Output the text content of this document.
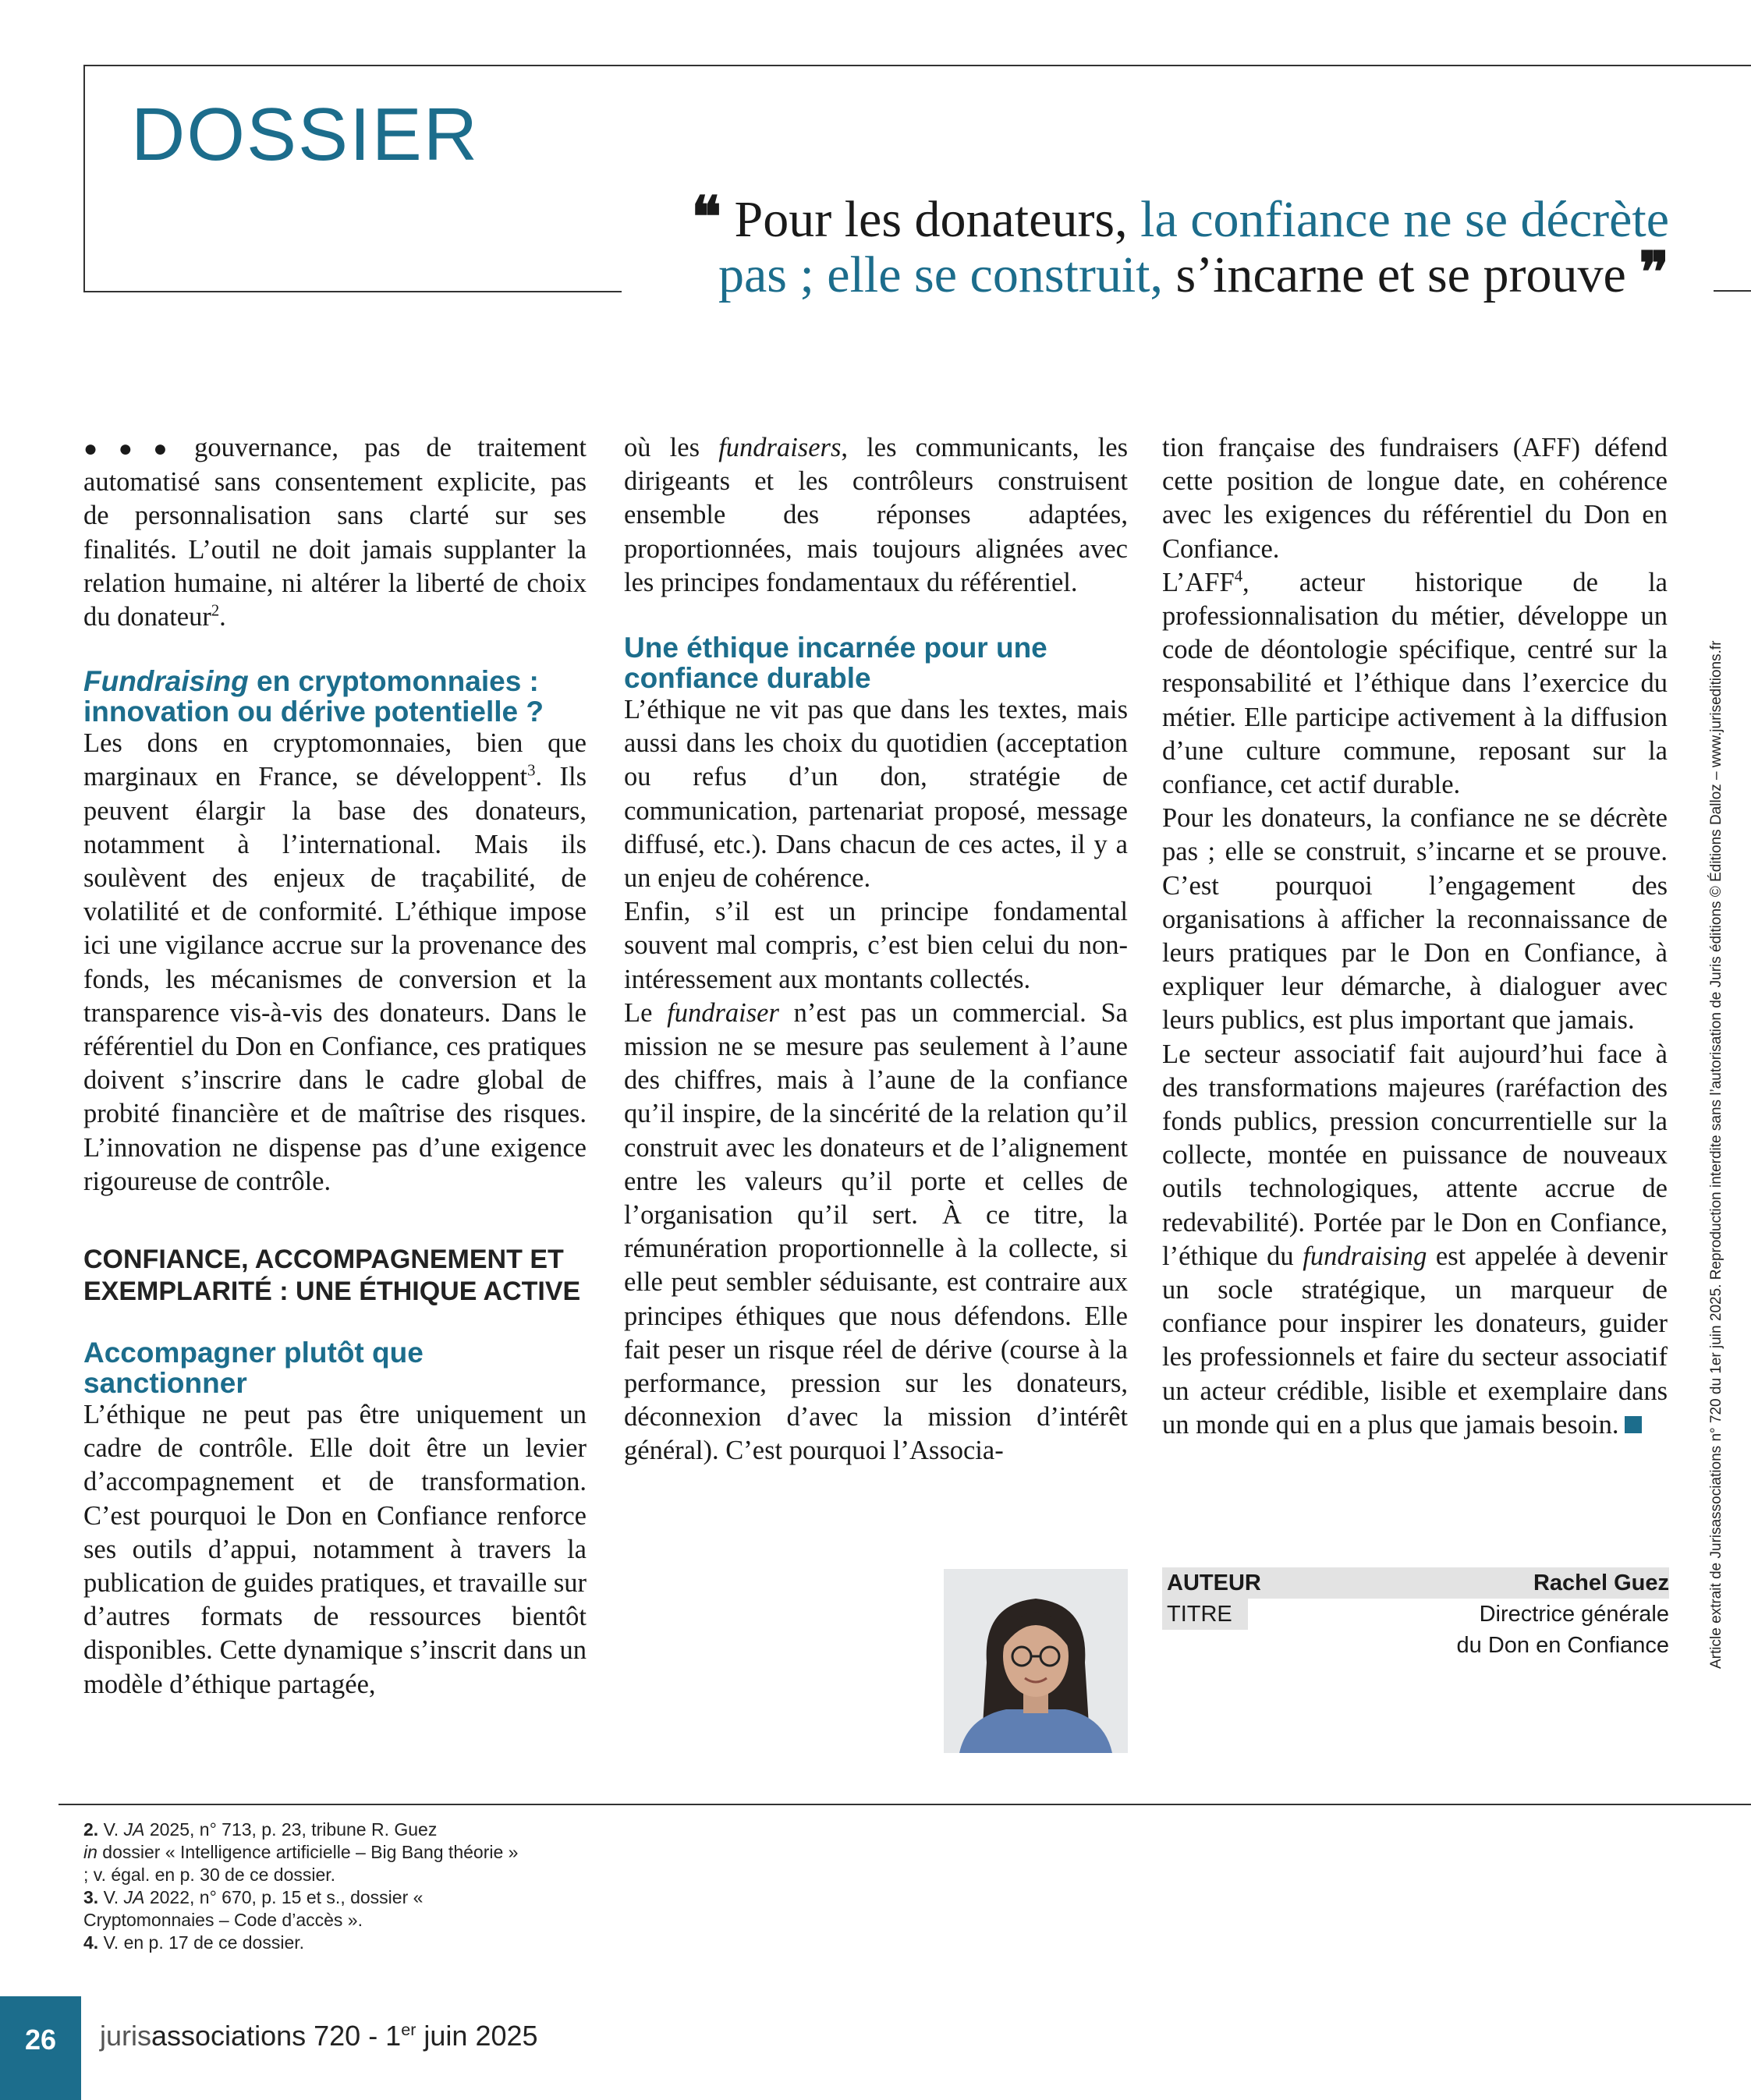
DOSSIER
❝ Pour les donateurs, la confiance ne se décrète pas ; elle se construit, s’incarne et se prouve ❞

●●● gouvernance, pas de traitement automatisé sans consentement explicite, pas de personnalisation sans clarté sur ses finalités. L’outil ne doit jamais supplanter la relation humaine, ni altérer la liberté de choix du donateur$^2$.

Fundraising en cryptomonnaies : innovation ou dérive potentielle ?

Les dons en cryptomonnaies, bien que marginaux en France, se développent$^3$. Ils peuvent élargir la base des donateurs, notamment à l’international. Mais ils soulèvent des enjeux de traçabilité, de volatilité et de conformité. L’éthique impose ici une vigilance accrue sur la provenance des fonds, les mécanismes de conversion et la transparence vis-à-vis des donateurs. Dans le référentiel du Don en Confiance, ces pratiques doivent s’inscrire dans le cadre global de probité financière et de maîtrise des risques. L’innovation ne dispense pas d’une exigence rigoureuse de contrôle.

CONFIANCE, ACCOMPAGNEMENT ET EXEMPLARITÉ : UNE ÉTHIQUE ACTIVE
Accompagner plutôt que sanctionner

L’éthique ne peut pas être uniquement un cadre de contrôle. Elle doit être un levier d’accompagnement et de transformation. C’est pourquoi le Don en Confiance renforce ses outils d’appui, notamment à travers la publication de guides pratiques, et travaille sur d’autres formats de ressources bientôt disponibles. Cette dynamique s’inscrit dans un modèle d’éthique partagée,

où les fundraisers, les communicants, les dirigeants et les contrôleurs construisent ensemble des réponses adaptées, proportionnées, mais toujours alignées avec les principes fondamentaux du référentiel.

Une éthique incarnée pour une confiance durable

L’éthique ne vit pas que dans les textes, mais aussi dans les choix du quotidien (acceptation ou refus d’un don, stratégie de communication, partenariat proposé, message diffusé, etc.). Dans chacun de ces actes, il y a un enjeu de cohérence.

Enfin, s’il est un principe fondamental souvent mal compris, c’est bien celui du non-intéressement aux montants collectés.

Le fundraiser n’est pas un commercial. Sa mission ne se mesure pas seulement à l’aune des chiffres, mais à l’aune de la confiance qu’il inspire, de la sincérité de la relation qu’il construit avec les donateurs et de l’alignement entre les valeurs qu’il porte et celles de l’organisation qu’il sert. À ce titre, la rémunération proportionnelle à la collecte, si elle peut sembler séduisante, est contraire aux principes éthiques que nous défendons. Elle fait peser un risque réel de dérive (course à la performance, pression sur les donateurs, déconnexion d’avec la mission d’intérêt général). C’est pourquoi l’Associa-

tion française des fundraisers (AFF) défend cette position de longue date, en cohérence avec les exigences du référentiel du Don en Confiance.

L’AFF$^4$, acteur historique de la professionnalisation du métier, développe un code de déontologie spécifique, centré sur la responsabilité et l’éthique dans l’exercice du métier. Elle participe activement à la diffusion d’une culture commune, reposant sur la confiance, cet actif durable.

Pour les donateurs, la confiance ne se décrète pas ; elle se construit, s’incarne et se prouve. C’est pourquoi l’engagement des organisations à afficher la reconnaissance de leurs pratiques par le Don en Confiance, à expliquer leur démarche, à dialoguer avec leurs publics, est plus important que jamais.

Le secteur associatif fait aujourd’hui face à des transformations majeures (raréfaction des fonds publics, pression concurrentielle sur la collecte, montée en puissance de nouveaux outils technologiques, attente accrue de redevabilité). Portée par le Don en Confiance, l’éthique du fundraising est appelée à devenir un socle stratégique, un marqueur de confiance pour inspirer les donateurs, guider les professionnels et faire du secteur associatif un acteur crédible, lisible et exemplaire dans un monde qui en a plus que jamais besoin.

AUTEUR	Rachel Guez
TITRE	Directrice générale
du Don en Confiance	Article extrait de Jurisassociations n° 720 du 1er juin 2025. Reproduction interdite sans l’autorisation de Juris éditions © Éditions Dalloz – www.juriseditions.fr
2. V. JA 2025, n° 713, p. 23, tribune R. Guez
in dossier « Intelligence artificielle – Big Bang théorie » ; v. égal. en p. 30 de ce dossier.
3. V. JA 2022, n° 670, p. 15 et s., dossier « Cryptomonnaies – Code d’accès ».
4. V. en p. 17 de ce dossier.
26	jurisassociations 720 - 1er juin 2025
